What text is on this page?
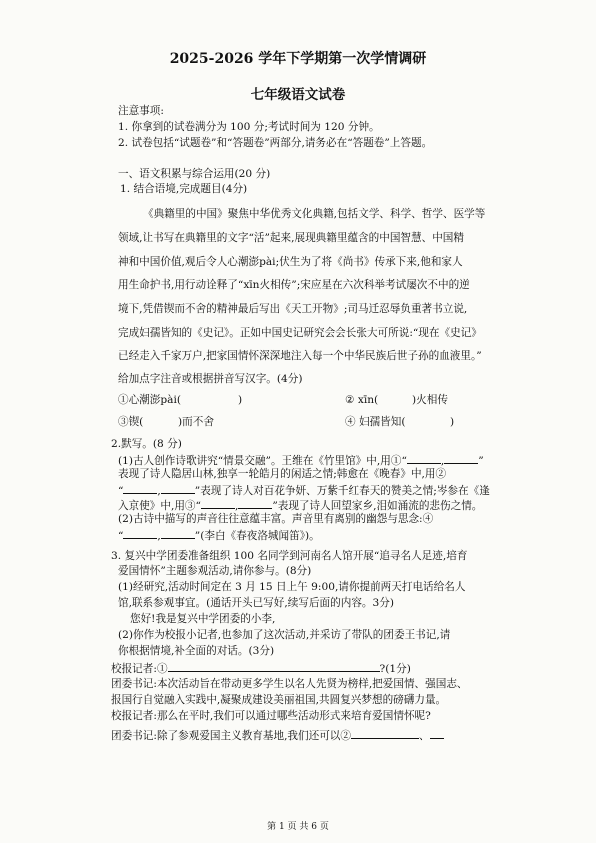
2025-2026 学年下学期第一次学情调研
七年级语文试卷
注意事项:
1. 你拿到的试卷满分为 100 分;考试时间为 120 分钟。
2. 试卷包括“试题卷”和“答题卷”两部分,请务必在“答题卷”上答题。
一、语文积累与综合运用(20 分)
1. 结合语境,完成题目(4分)
《典籍里的中国》聚焦中华优秀文化典籍,包括文学、科学、哲学、医学等
领域,让书写在典籍里的文字“活”起来,展现典籍里蕴含的中国智慧、中国精
神和中国价值,观后令人心潮澎pài;伏生为了将《尚书》传承下来,他和家人
用生命护书,用行动诠释了“xīn火相传”;宋应星在六次科举考试屡次不中的逆
境下,凭借锲而不舍的精神最后写出《天工开物》;司马迁忍辱负重著书立说,
完成妇孺皆知的《史记》。正如中国史记研究会会长张大可所说:“现在《史记》
已经走入千家万户,把家国情怀深深地注入每一个中华民族后世子孙的血液里。”
给加点字注音或根据拼音写汉字。(4分)
①心潮澎pài(	)	② xīn(	)火相传
③锲(	)而不舍	④ 妇孺皆知(	)
2.默写。(8 分)
(1)古人创作诗歌讲究“情景交融”。王维在《竹里馆》中,用①“	,	”
表现了诗人隐居山林,独享一轮皓月的闲适之情;韩愈在《晚春》中,用②
“	,	”表现了诗人对百花争妍、万紫千红春天的赞美之情;岑参在《逢
入京使》中,用③“	,	”表现了诗人回望家乡,泪如涌流的悲伤之情。
(2)古诗中描写的声音往往意蕴丰富。声音里有离别的幽怨与思念:④
“	,	”(李白《春夜洛城闻笛》)。
3. 复兴中学团委准备组织 100 名同学到河南名人馆开展“追寻名人足迹,培育
爱国情怀”主题参观活动,请你参与。(8分)
(1)经研究,活动时间定在 3 月 15 日上午 9:00,请你提前两天打电话给名人
馆,联系参观事宜。(通话开头已写好,续写后面的内容。3分)
您好!我是复兴中学团委的小李,
(2)你作为校报小记者,也参加了这次活动,并采访了带队的团委王书记,请
你根据情境,补全面的对话。(3分)
校报记者:①	?(1分)
团委书记:本次活动旨在带动更多学生以名人先贤为榜样,把爱国情、强国志、
报国行自觉融入实践中,凝聚成建设美丽祖国,共圆复兴梦想的磅礴力量。
校报记者:那么在平时,我们可以通过哪些活动形式来培育爱国情怀呢?
团委书记:除了参观爱国主义教育基地,我们还可以②	、
第 1 页 共 6 页
